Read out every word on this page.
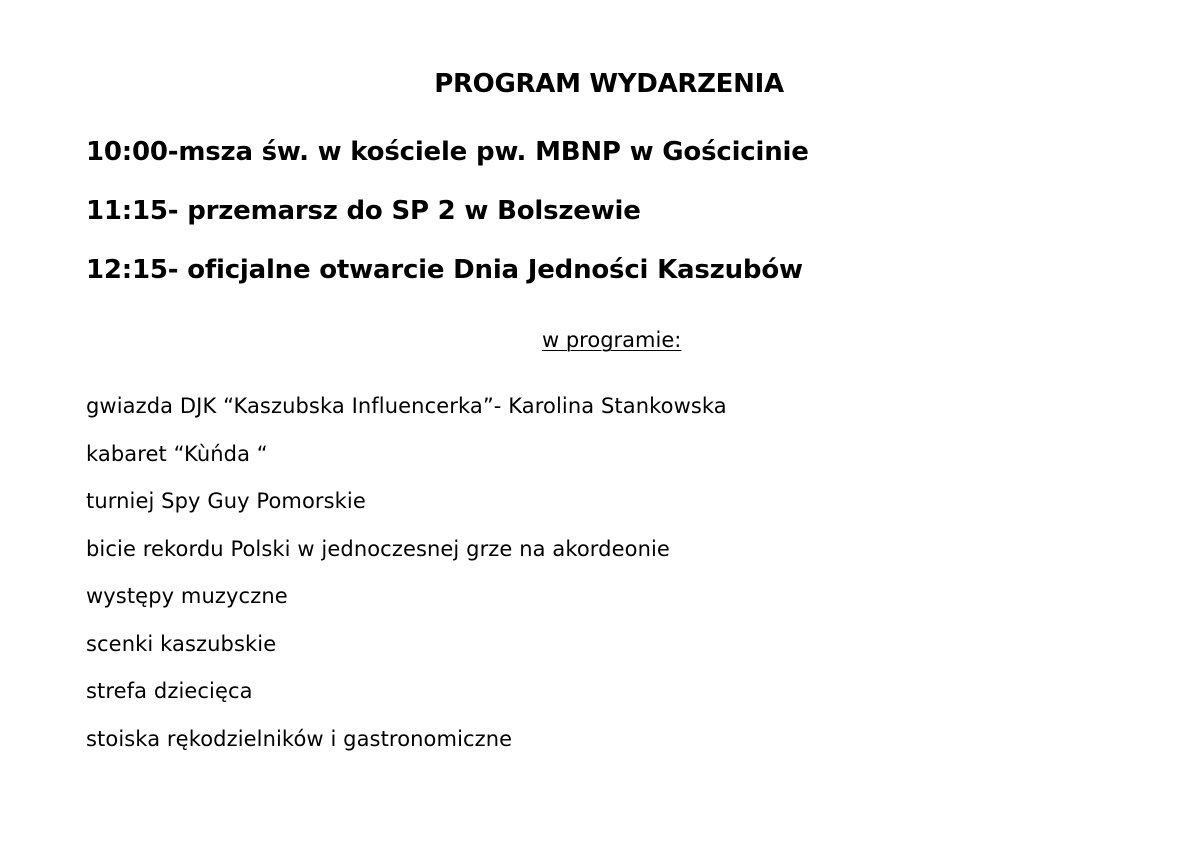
PROGRAM WYDARZENIA
10:00-msza św. w kościele pw. MBNP w Gościcinie
11:15- przemarsz do SP 2 w Bolszewie
12:15- oficjalne otwarcie Dnia Jedności Kaszubów

w programie:

gwiazda DJK “Kaszubska Influencerka”- Karolina Stankowska
kabaret “Kùńda “
turniej Spy Guy Pomorskie
bicie rekordu Polski w jednoczesnej grze na akordeonie
występy muzyczne
scenki kaszubskie
strefa dziecięca
stoiska rękodzielników i gastronomiczne
